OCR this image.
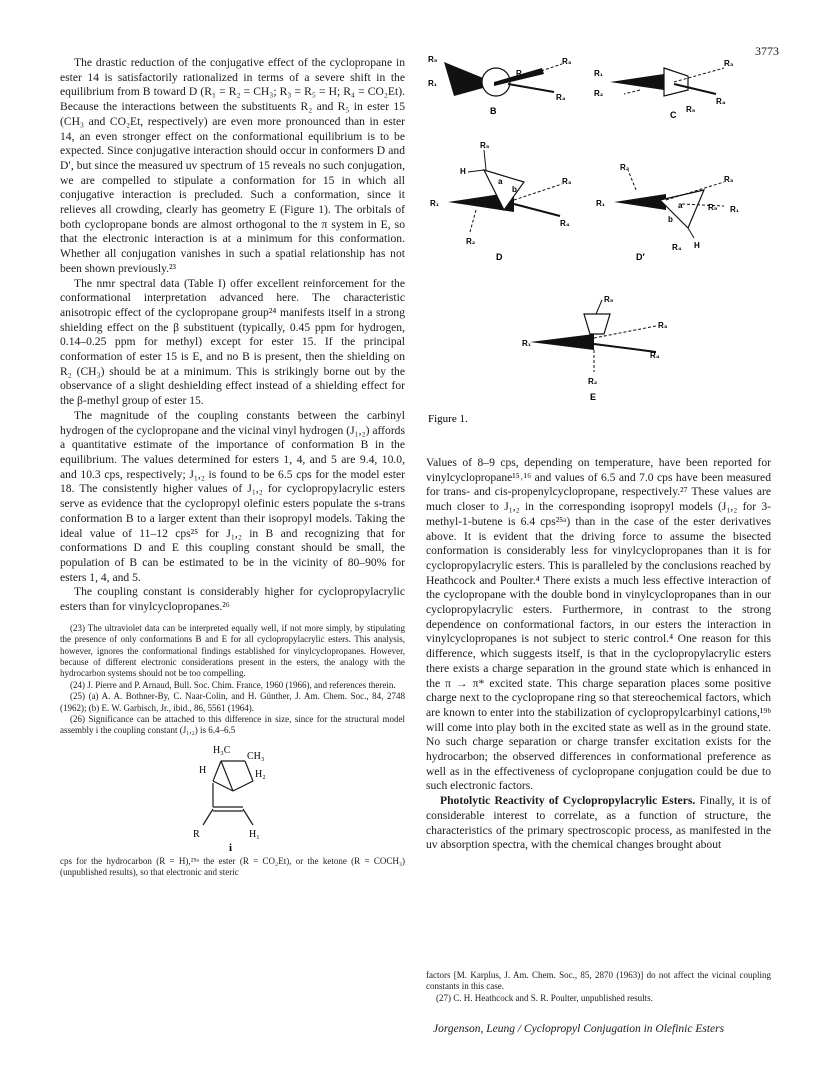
3773

The drastic reduction of the conjugative effect of the cyclopropane in ester 14 is satisfactorily rationalized in terms of a severe shift in the equilibrium from B toward D (R₁ = R₂ = CH₃; R₃ = R₅ = H; R₄ = CO₂Et). Because the interactions between the substituents R₂ and R₅ in ester 15 (CH₃ and CO₂Et, respectively) are even more pronounced than in ester 14, an even stronger effect on the conformational equilibrium is to be expected. Since conjugative interaction should occur in conformers D and D′, but since the measured uv spectrum of 15 reveals no such conjugation, we are compelled to stipulate a conformation for 15 in which all conjugative interaction is precluded. Such a conformation, since it relieves all crowding, clearly has geometry E (Figure 1). The orbitals of both cyclopropane bonds are almost orthogonal to the π system in E, so that the electronic interaction is at a minimum for this conformation. Whether all conjugation vanishes in such a spatial relationship has not been shown previously.²³

The nmr spectral data (Table I) offer excellent reinforcement for the conformational interpretation advanced here. The characteristic anisotropic effect of the cyclopropane group²⁴ manifests itself in a strong shielding effect on the β substituent (typically, 0.45 ppm for hydrogen, 0.14–0.25 ppm for methyl) except for ester 15. If the principal conformation of ester 15 is E, and no B is present, then the shielding on R₂ (CH₃) should be at a minimum. This is strikingly borne out by the observance of a slight deshielding effect instead of a shielding effect for the β-methyl group of ester 15.

The magnitude of the coupling constants between the carbinyl hydrogen of the cyclopropane and the vicinal vinyl hydrogen (J₁,₂) affords a quantitative estimate of the importance of conformation B in the equilibrium. The values determined for esters 1, 4, and 5 are 9.4, 10.0, and 10.3 cps, respectively; J₁,₂ is found to be 6.5 cps for the model ester 18. The consistently higher values of J₁,₂ for cyclopropylacrylic esters serve as evidence that the cyclopropyl olefinic esters populate the s-trans conformation B to a larger extent than their isopropyl models. Taking the ideal value of 11–12 cps²⁵ for J₁,₂ in B and recognizing that for conformations D and E this coupling constant should be small, the population of B can be estimated to be in the vicinity of 80–90% for esters 1, 4, and 5.

The coupling constant is considerably higher for cyclopropylacrylic esters than for vinylcyclopropanes.²⁶

(23) The ultraviolet data can be interpreted equally well, if not more simply, by stipulating the presence of only conformations B and E for all cyclopropylacrylic esters. This analysis, however, ignores the conformational findings established for vinylcyclopropanes. However, because of different electronic considerations present in the esters, the analogy with the hydrocarbon systems should not be too compelling.

(24) J. Pierre and P. Arnaud, Bull. Soc. Chim. France, 1960 (1966), and references therein.

(25) (a) A. A. Bothner-By, C. Naar-Colin, and H. Günther, J. Am. Chem. Soc., 84, 2748 (1962); (b) E. W. Garbisch, Jr., ibid., 86, 5561 (1964).

(26) Significance can be attached to this difference in size, since for the structural model assembly i the coupling constant (J₁,₂) is 6.4–6.5

H₃C
CH₃
H	H₂
R	H₁
i

cps for the hydrocarbon (R = H),²⁵ᵃ the ester (R = CO₂Et), or the ketone (R = COCH₃) (unpublished results), so that electronic and steric

R₅
R₁
R₂
R₃
R₄
B
R₁
R₂
R₃
R₄
R₅
C
R₅
H
a
b
R₁
R₃
R₄
R₂
D
R₂
R₁
R₃
a
b
R₅ R₁
H
R₄
D′
R₅
R₁
R₃
R₄
R₂
E
Figure 1.

Values of 8–9 cps, depending on temperature, have been reported for vinylcyclopropane¹⁵˒¹⁶ and values of 6.5 and 7.0 cps have been measured for trans- and cis-propenylcyclopropane, respectively.²⁷ These values are much closer to J₁,₂ in the corresponding isopropyl models (J₁,₂ for 3-methyl-1-butene is 6.4 cps²⁵ᵃ) than in the case of the ester derivatives above. It is evident that the driving force to assume the bisected conformation is considerably less for vinylcyclopropanes than it is for cyclopropylacrylic esters. This is paralleled by the conclusions reached by Heathcock and Poulter.⁴ There exists a much less effective interaction of the cyclopropane with the double bond in vinylcyclopropanes than in our cyclopropylacrylic esters. Furthermore, in contrast to the strong dependence on conformational factors, in our esters the interaction in vinylcyclopropanes is not subject to steric control.⁴ One reason for this difference, which suggests itself, is that in the cyclopropylacrylic esters there exists a charge separation in the ground state which is enhanced in the π → π* excited state. This charge separation places some positive charge next to the cyclopropane ring so that stereochemical factors, which are known to enter into the stabilization of cyclopropylcarbinyl cations,¹⁹ᵇ will come into play both in the excited state as well as in the ground state. No such charge separation or charge transfer excitation exists for the hydrocarbon; the observed differences in conformational preference as well as in the effectiveness of cyclopropane conjugation could be due to such electronic factors.

Photolytic Reactivity of Cyclopropylacrylic Esters. Finally, it is of considerable interest to correlate, as a function of structure, the characteristics of the primary spectroscopic process, as manifested in the uv absorption spectra, with the chemical changes brought about

factors [M. Karplus, J. Am. Chem. Soc., 85, 2870 (1963)] do not affect the vicinal coupling constants in this case.

(27) C. H. Heathcock and S. R. Poulter, unpublished results.

Jorgenson, Leung / Cyclopropyl Conjugation in Olefinic Esters
